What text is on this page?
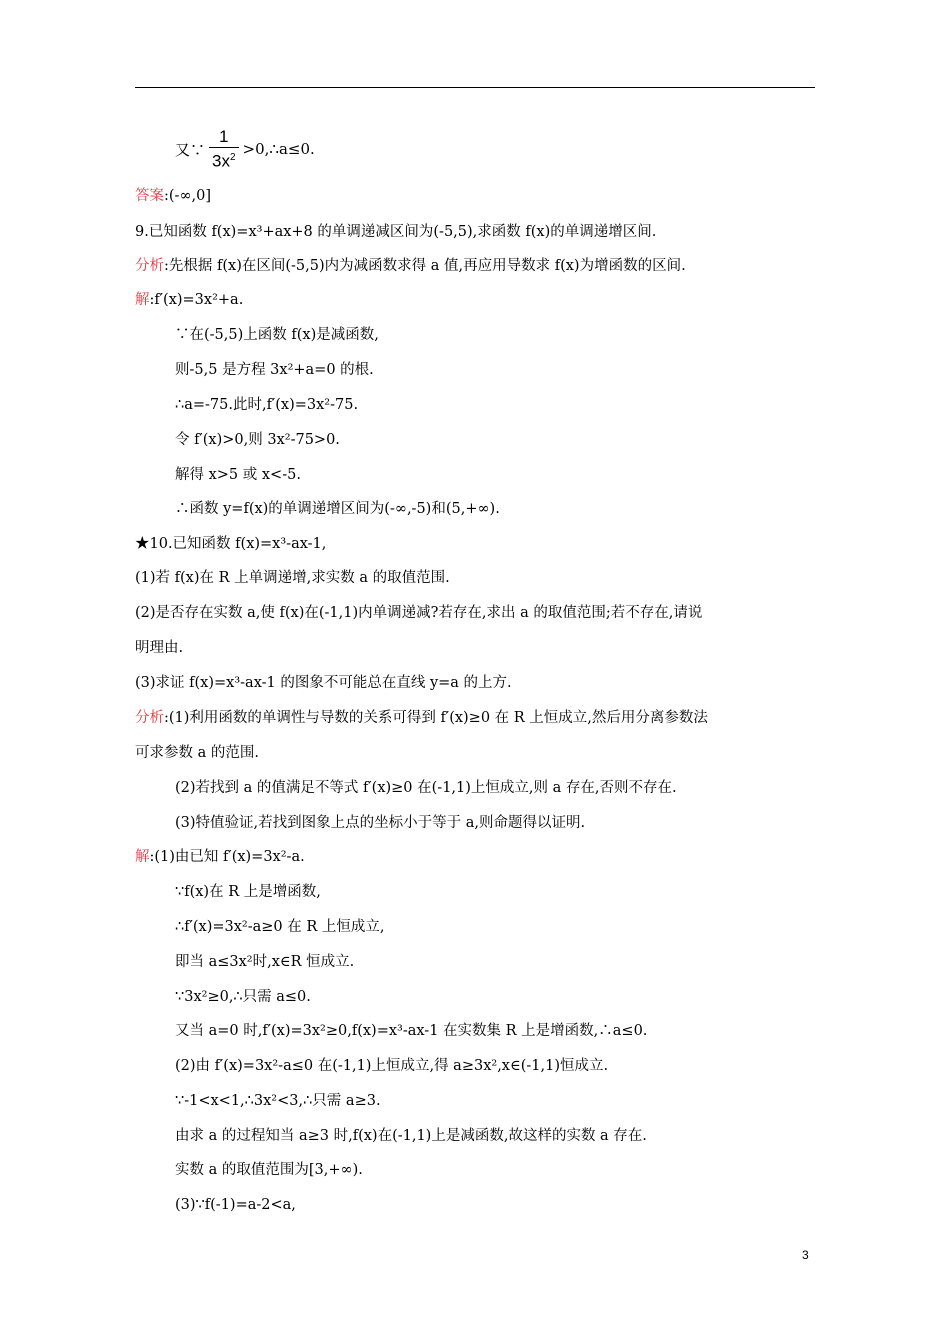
又∵ $\frac{1}{3x^2}$ >0,∴a≤0.
答案:(-∞,0]
9.已知函数 f(x)=x³+ax+8 的单调递减区间为(-5,5),求函数 f(x)的单调递增区间.
分析:先根据 f(x)在区间(-5,5)内为减函数求得 a 值,再应用导数求 f(x)为增函数的区间.
解:f′(x)=3x²+a.
∵在(-5,5)上函数 f(x)是减函数,
则-5,5 是方程 3x²+a=0 的根.
∴a=-75.此时,f′(x)=3x²-75.
令 f′(x)>0,则 3x²-75>0.
解得 x>5 或 x<-5.
∴函数 y=f(x)的单调递增区间为(-∞,-5)和(5,+∞).
★10.已知函数 f(x)=x³-ax-1,
(1)若 f(x)在 R 上单调递增,求实数 a 的取值范围.
(2)是否存在实数 a,使 f(x)在(-1,1)内单调递减?若存在,求出 a 的取值范围;若不存在,请说
明理由.
(3)求证 f(x)=x³-ax-1 的图象不可能总在直线 y=a 的上方.
分析:(1)利用函数的单调性与导数的关系可得到 f′(x)≥0 在 R 上恒成立,然后用分离参数法
可求参数 a 的范围.
(2)若找到 a 的值满足不等式 f′(x)≥0 在(-1,1)上恒成立,则 a 存在,否则不存在.
(3)特值验证,若找到图象上点的坐标小于等于 a,则命题得以证明.
解:(1)由已知 f′(x)=3x²-a.
∵f(x)在 R 上是增函数,
∴f′(x)=3x²-a≥0 在 R 上恒成立,
即当 a≤3x²时,x∈R 恒成立.
∵3x²≥0,∴只需 a≤0.
又当 a=0 时,f′(x)=3x²≥0,f(x)=x³-ax-1 在实数集 R 上是增函数,∴a≤0.
(2)由 f′(x)=3x²-a≤0 在(-1,1)上恒成立,得 a≥3x²,x∈(-1,1)恒成立.
∵-1<x<1,∴3x²<3,∴只需 a≥3.
由求 a 的过程知当 a≥3 时,f(x)在(-1,1)上是减函数,故这样的实数 a 存在.
实数 a 的取值范围为[3,+∞).
(3)∵f(-1)=a-2<a,
3
